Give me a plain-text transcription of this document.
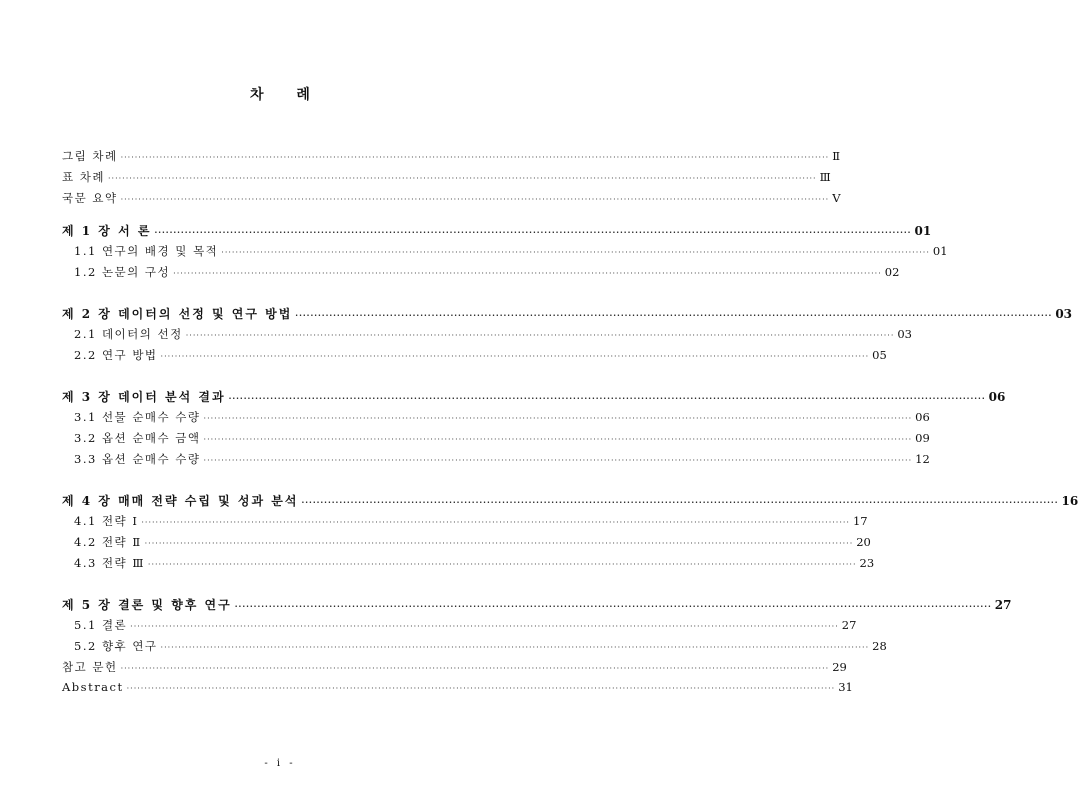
차 례
그림 차례 ········································································································································································································ Ⅱ
표 차례 ········································································································································································································ Ⅲ
국문 요약 ········································································································································································································ Ⅴ
제 1 장 서 론 ········································································································································································································ 01
1.1 연구의 배경 및 목적 ········································································································································································································ 01
1.2 논문의 구성 ········································································································································································································ 02
제 2 장 데이터의 선정 및 연구 방법 ········································································································································································································ 03
2.1 데이터의 선정 ········································································································································································································ 03
2.2 연구 방법 ········································································································································································································ 05
제 3 장 데이터 분석 결과 ········································································································································································································ 06
3.1 선물 순매수 수량 ········································································································································································································ 06
3.2 옵션 순매수 금액 ········································································································································································································ 09
3.3 옵션 순매수 수량 ········································································································································································································ 12
제 4 장 매매 전략 수립 및 성과 분석 ········································································································································································································ 16
4.1 전략 Ⅰ ········································································································································································································ 17
4.2 전략 Ⅱ ········································································································································································································ 20
4.3 전략 Ⅲ ········································································································································································································ 23
제 5 장 결론 및 향후 연구 ········································································································································································································ 27
5.1 결론 ········································································································································································································ 27
5.2 향후 연구 ········································································································································································································ 28
참고 문헌 ········································································································································································································ 29
Abstract ········································································································································································································ 31
- ⅰ -
